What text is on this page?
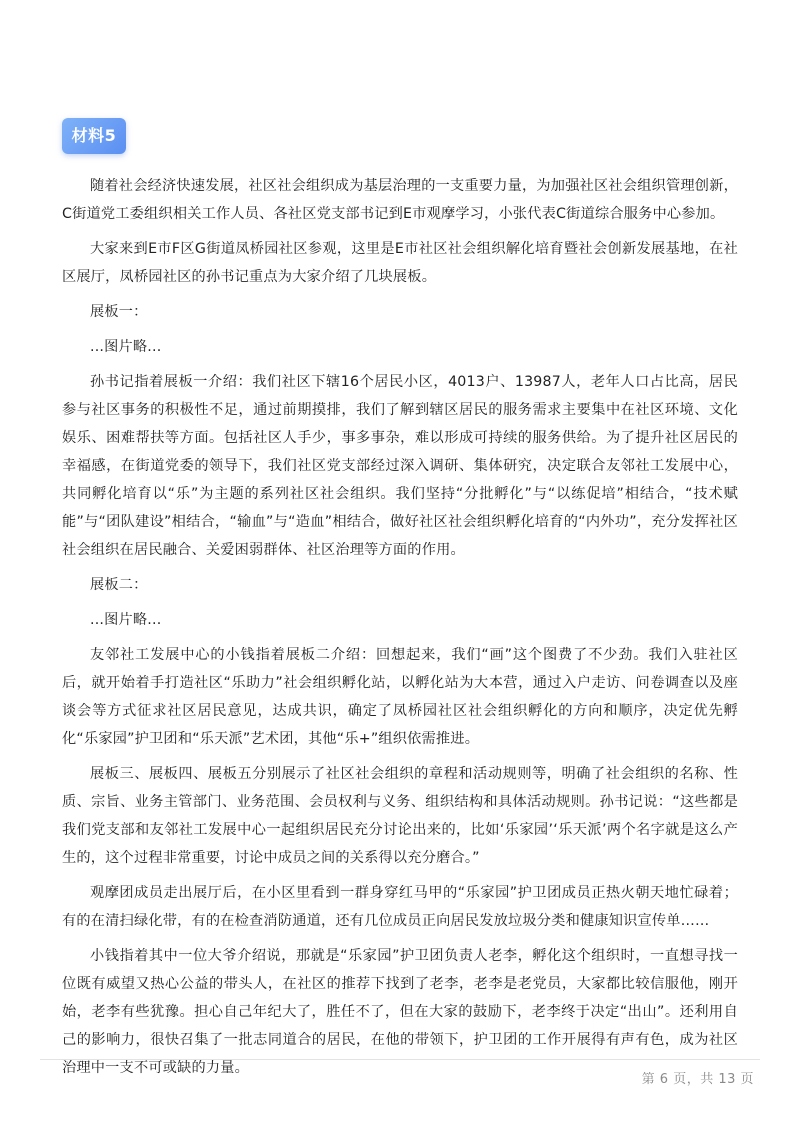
材料5

随着社会经济快速发展，社区社会组织成为基层治理的一支重要力量，为加强社区社会组织管理创新，C街道党工委组织相关工作人员、各社区党支部书记到E市观摩学习，小张代表C街道综合服务中心参加。

大家来到E市F区G街道凤桥园社区参观，这里是E市社区社会组织解化培育暨社会创新发展基地，在社区展厅，凤桥园社区的孙书记重点为大家介绍了几块展板。

展板一：

...图片略...

孙书记指着展板一介绍：我们社区下辖16个居民小区，4013户、13987人，老年人口占比高，居民参与社区事务的积极性不足，通过前期摸排，我们了解到辖区居民的服务需求主要集中在社区环境、文化娱乐、困难帮扶等方面。包括社区人手少，事多事杂，难以形成可持续的服务供给。为了提升社区居民的幸福感，在街道党委的领导下，我们社区党支部经过深入调研、集体研究，决定联合友邻社工发展中心，共同孵化培育以“乐”为主题的系列社区社会组织。我们坚持“分批孵化”与“以练促培”相结合，“技术赋能”与“团队建设”相结合，“输血”与“造血”相结合，做好社区社会组织孵化培育的“内外功”，充分发挥社区社会组织在居民融合、关爱困弱群体、社区治理等方面的作用。

展板二：

...图片略...

友邻社工发展中心的小钱指着展板二介绍：回想起来，我们“画”这个图费了不少劲。我们入驻社区后，就开始着手打造社区“乐助力”社会组织孵化站，以孵化站为大本营，通过入户走访、问卷调查以及座谈会等方式征求社区居民意见，达成共识，确定了凤桥园社区社会组织孵化的方向和顺序，决定优先孵化“乐家园”护卫团和“乐天派”艺术团，其他“乐+”组织依需推进。

展板三、展板四、展板五分别展示了社区社会组织的章程和活动规则等，明确了社会组织的名称、性质、宗旨、业务主管部门、业务范围、会员权利与义务、组织结构和具体活动规则。孙书记说：“这些都是我们党支部和友邻社工发展中心一起组织居民充分讨论出来的，比如‘乐家园’‘乐天派’两个名字就是这么产生的，这个过程非常重要，讨论中成员之间的关系得以充分磨合。”

观摩团成员走出展厅后，在小区里看到一群身穿红马甲的“乐家园”护卫团成员正热火朝天地忙碌着；有的在清扫绿化带，有的在检查消防通道，还有几位成员正向居民发放垃圾分类和健康知识宣传单……

小钱指着其中一位大爷介绍说，那就是“乐家园”护卫团负责人老李，孵化这个组织时，一直想寻找一位既有威望又热心公益的带头人，在社区的推荐下找到了老李，老李是老党员，大家都比较信服他，刚开始，老李有些犹豫。担心自己年纪大了，胜任不了，但在大家的鼓励下，老李终于决定“出山”。还利用自己的影响力，很快召集了一批志同道合的居民，在他的带领下，护卫团的工作开展得有声有色，成为社区治理中一支不可或缺的力量。

第 6 页，共 13 页
